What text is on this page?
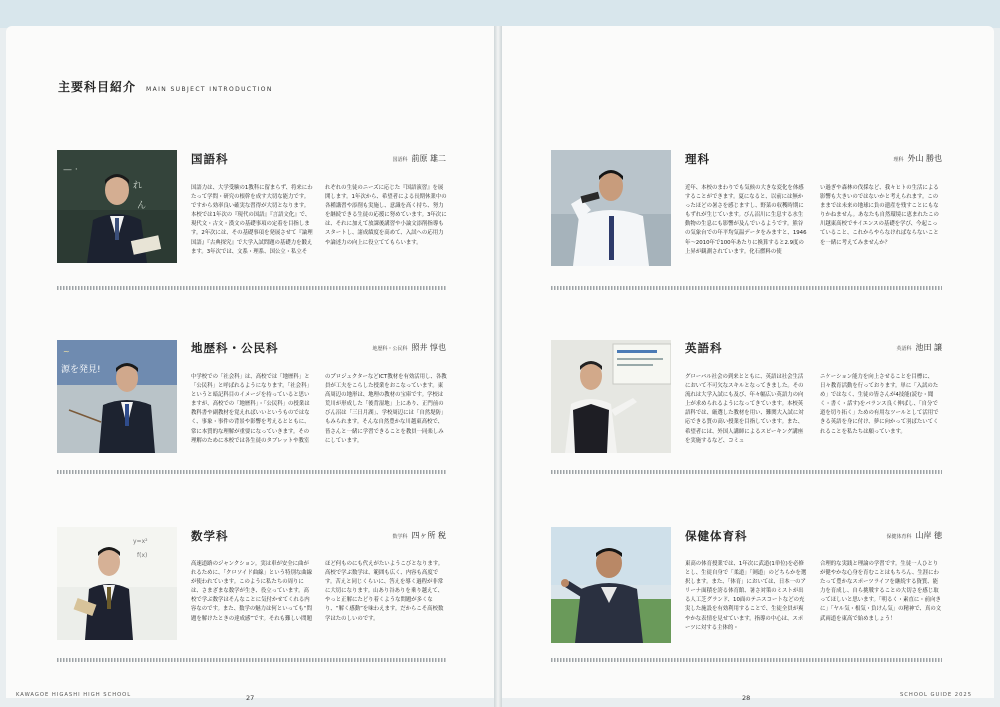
主要科目紹介 MAIN SUBJECT INTRODUCTION
— ·
れ
ん
国語科	国語科 前原 雄二
国語力は、大学受験の1教科に留まらず、将来にわたって学問・研究の根幹を成す大切な能力です。ですから効率良い確実な習得が大切となります。本校では1年次の『現代の国語』『言語文化』で、現代文・古文・漢文の基礎事項の定着を目指します。2年次には、その基礎事項を発展させて『論理国語』『古典探究』で大学入試問題の基礎力を鍛えます。3年次では、文系・理系、国公立・私立そ
れぞれの生徒のニーズに応じた『国語演習』を展開します。1年次から、希望者による長期休業中の各種講習や添削も実施し、意識を高く持ち、努力を継続できる生徒の応援に努めています。3年次には、それに加えて放課後講習や小論文添削指導もスタートし、諸成績度を高めて、入試への応用力や論述力の向上に役立ててもらいます。
~
源を発見!
地歴科・公民科	地歴科・公民科 照井 惇也
中学校での「社会科」は、高校では「地歴科」と「公民科」と呼ばれるようになります。「社会科」というと暗記科目のイメージを持っていると思いますが、高校での「地歴科」・「公民科」の授業は教科書や副教材を覚えればいいというものではなく、事象・事件の背景や影響を考えるとともに、常に本質的な理解が重要になっていきます。その理解のために本校では各生徒のタブレットや教室
のプロジェクターなどICT教材を有効活用し、各教員が工夫をこらした授業をおこなっています。東高周辺の地形は、地理の教材の宝庫です。学校は荒川が形成した「後背湿地」上にあり、正門前のびん沼は「三日月湖」、学校周辺には「自然堤防」もみられます。そんな自然豊かな川越東高校で、皆さんと一緒に学習できることを教員一同楽しみにしています。
y=x²
f(x)
数学科	数学科 四ヶ所 税
高速道路のジャンクション。実は車が安全に曲がれるために、「クロソイド曲線」という特別な曲線が使われています。このように私たちの周りには、さまざまな数学が生き、役立っています。高校で学ぶ数学はそんなことに気付かせてくれる内容なのです。また、数学の魅力は何といっても“問題を解けたときの達成感”です。それも難しい問題
ほど何ものにも代えがたいようこびとなります。高校で学ぶ数学は、範囲も広く、内容も高度です。苦えと同じくらいに、答えを導く過程が非常に大切になります。山あり谷ありを乗り越えて、やっと正解にたどり着くような問題が多くなり、“解く感動”を味わえます。だからこそ高校数学はたのしいのです。
理科	理科 外山 勝也
近年、本校のまわりでも気候の大きな変化を体感することができます。夏になると、以前には無かったほどの暑さを感じますし、野菜の収穫時期にもずれが生じています。びん沼川に生息する水生動物の生息にも影響が及んでいるようです。熊谷の気象台での年平均気温データをみますと、1946年～2010年で100年あたりに換算すると2.9度の上昇が観測されています。化石燃料の使
い過ぎや森林の伐採など、我々ヒトの生活による影響も大きいのではないかと考えられます。このままでは未来の地球に負の遺産を残すことにもなりかねません。あなたも自然環境に恵まれたこの川越東高校でサイエンスの基礎を学び、今起こっていること、これからやらなければならないことを一緒に考えてみませんか？
英語科	英語科 池田 譲
グローバル社会の到来とともに、英語は社会生活において不可欠なスキルとなってきました。その流れは大学入試にも及び、年々幅広い英語力の向上が求められるようになってきています。本校英語科では、厳選した教材を用い、難関大入試に対応できる質の高い授業を目指しています。また、希望者には、外国人講師によるスピーキング講座を実施するなど、コミュ
ニケーション能力を向上させることを目標に、日々教育活動を行っております。単に「入試のため」ではなく、生徒の皆さんが4技能(読む・聞く・書く・話す)をバランス良く伸ばし、「自分で道を切り拓く」ための有用なツールとして活用できる英語を身に付け、夢に向かって羽ばたいてくれることを私たちは願っています。
保健体育科	保健体育科 山岸 徳
東高の体育授業では、1年次に武道(1単位)を必修とし、生徒自身で「柔道」「剣道」のどちらかを選択します。また、「体育」においては、日本一のアリーナ面積を誇る体育館、暑さ対策のミストが出る人工芝グランド、10面のテニスコートなどの充実した施設を有効利用することで、生徒全員が爽やかな表情を見せています。指導の中心は、スポーツに対する主体的・
合理的な実践と理論の学習です。生徒一人ひとりが健やかな心身を育むことはもちろん、生涯にわたって豊かなスポーツライフを継続する資質、能力を育成し、自ら挑戦することの大切さを感じ取ってほしいと思います。「明るく・素直に・前向きに」「ヤル気・根気・負けん気」の精神で、真の文武両道を東高で始めましょう！
KAWAGOE HIGASHI HIGH SCHOOL	27	28	SCHOOL GUIDE 2025
